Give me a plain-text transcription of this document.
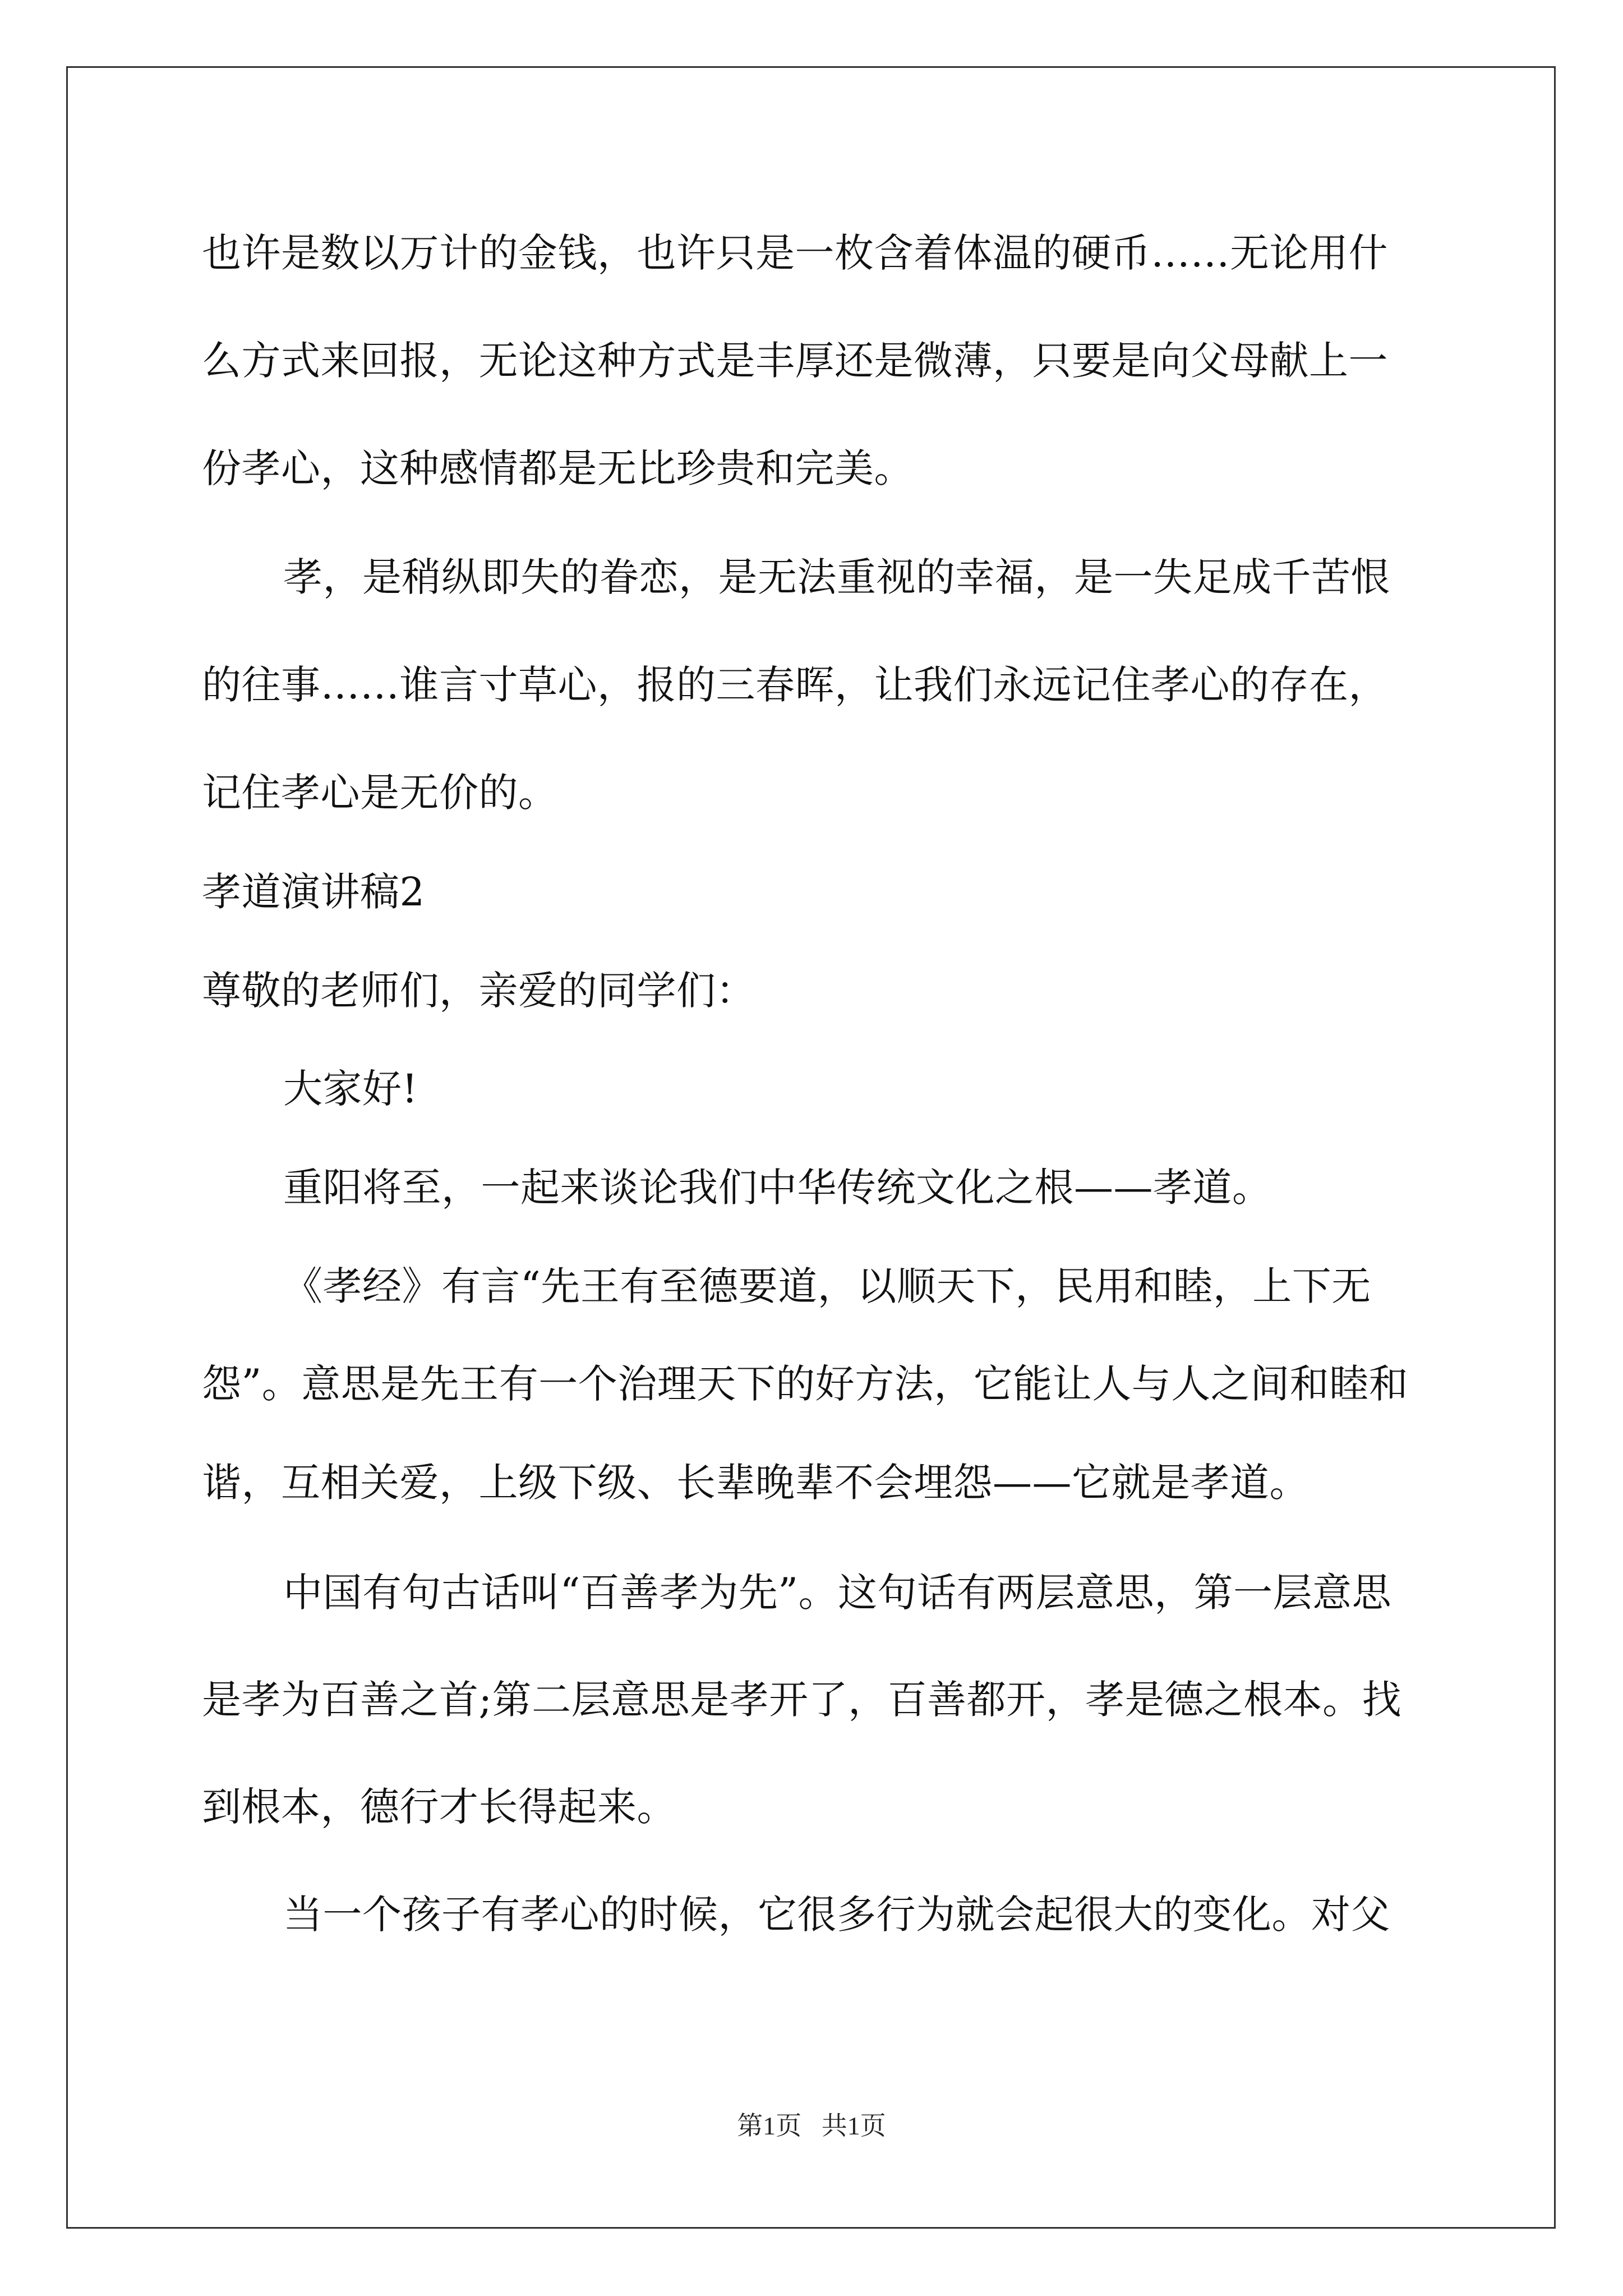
也许是数以万计的金钱，也许只是一枚含着体温的硬币……无论用什
么方式来回报，无论这种方式是丰厚还是微薄，只要是向父母献上一
份孝心，这种感情都是无比珍贵和完美。
孝，是稍纵即失的眷恋，是无法重视的幸福，是一失足成千苦恨
的往事……谁言寸草心，报的三春晖，让我们永远记住孝心的存在，
记住孝心是无价的。
孝道演讲稿2
尊敬的老师们，亲爱的同学们：
大家好!
重阳将至，一起来谈论我们中华传统文化之根——孝道。
《孝经》有言“先王有至德要道，以顺天下，民用和睦，上下无
怨”。意思是先王有一个治理天下的好方法，它能让人与人之间和睦和
谐，互相关爱，上级下级、长辈晚辈不会埋怨——它就是孝道。
中国有句古话叫“百善孝为先”。这句话有两层意思，第一层意思
是孝为百善之首;第二层意思是孝开了，百善都开，孝是德之根本。找
到根本，德行才长得起来。
当一个孩子有孝心的时候，它很多行为就会起很大的变化。对父
第1页 共1页
